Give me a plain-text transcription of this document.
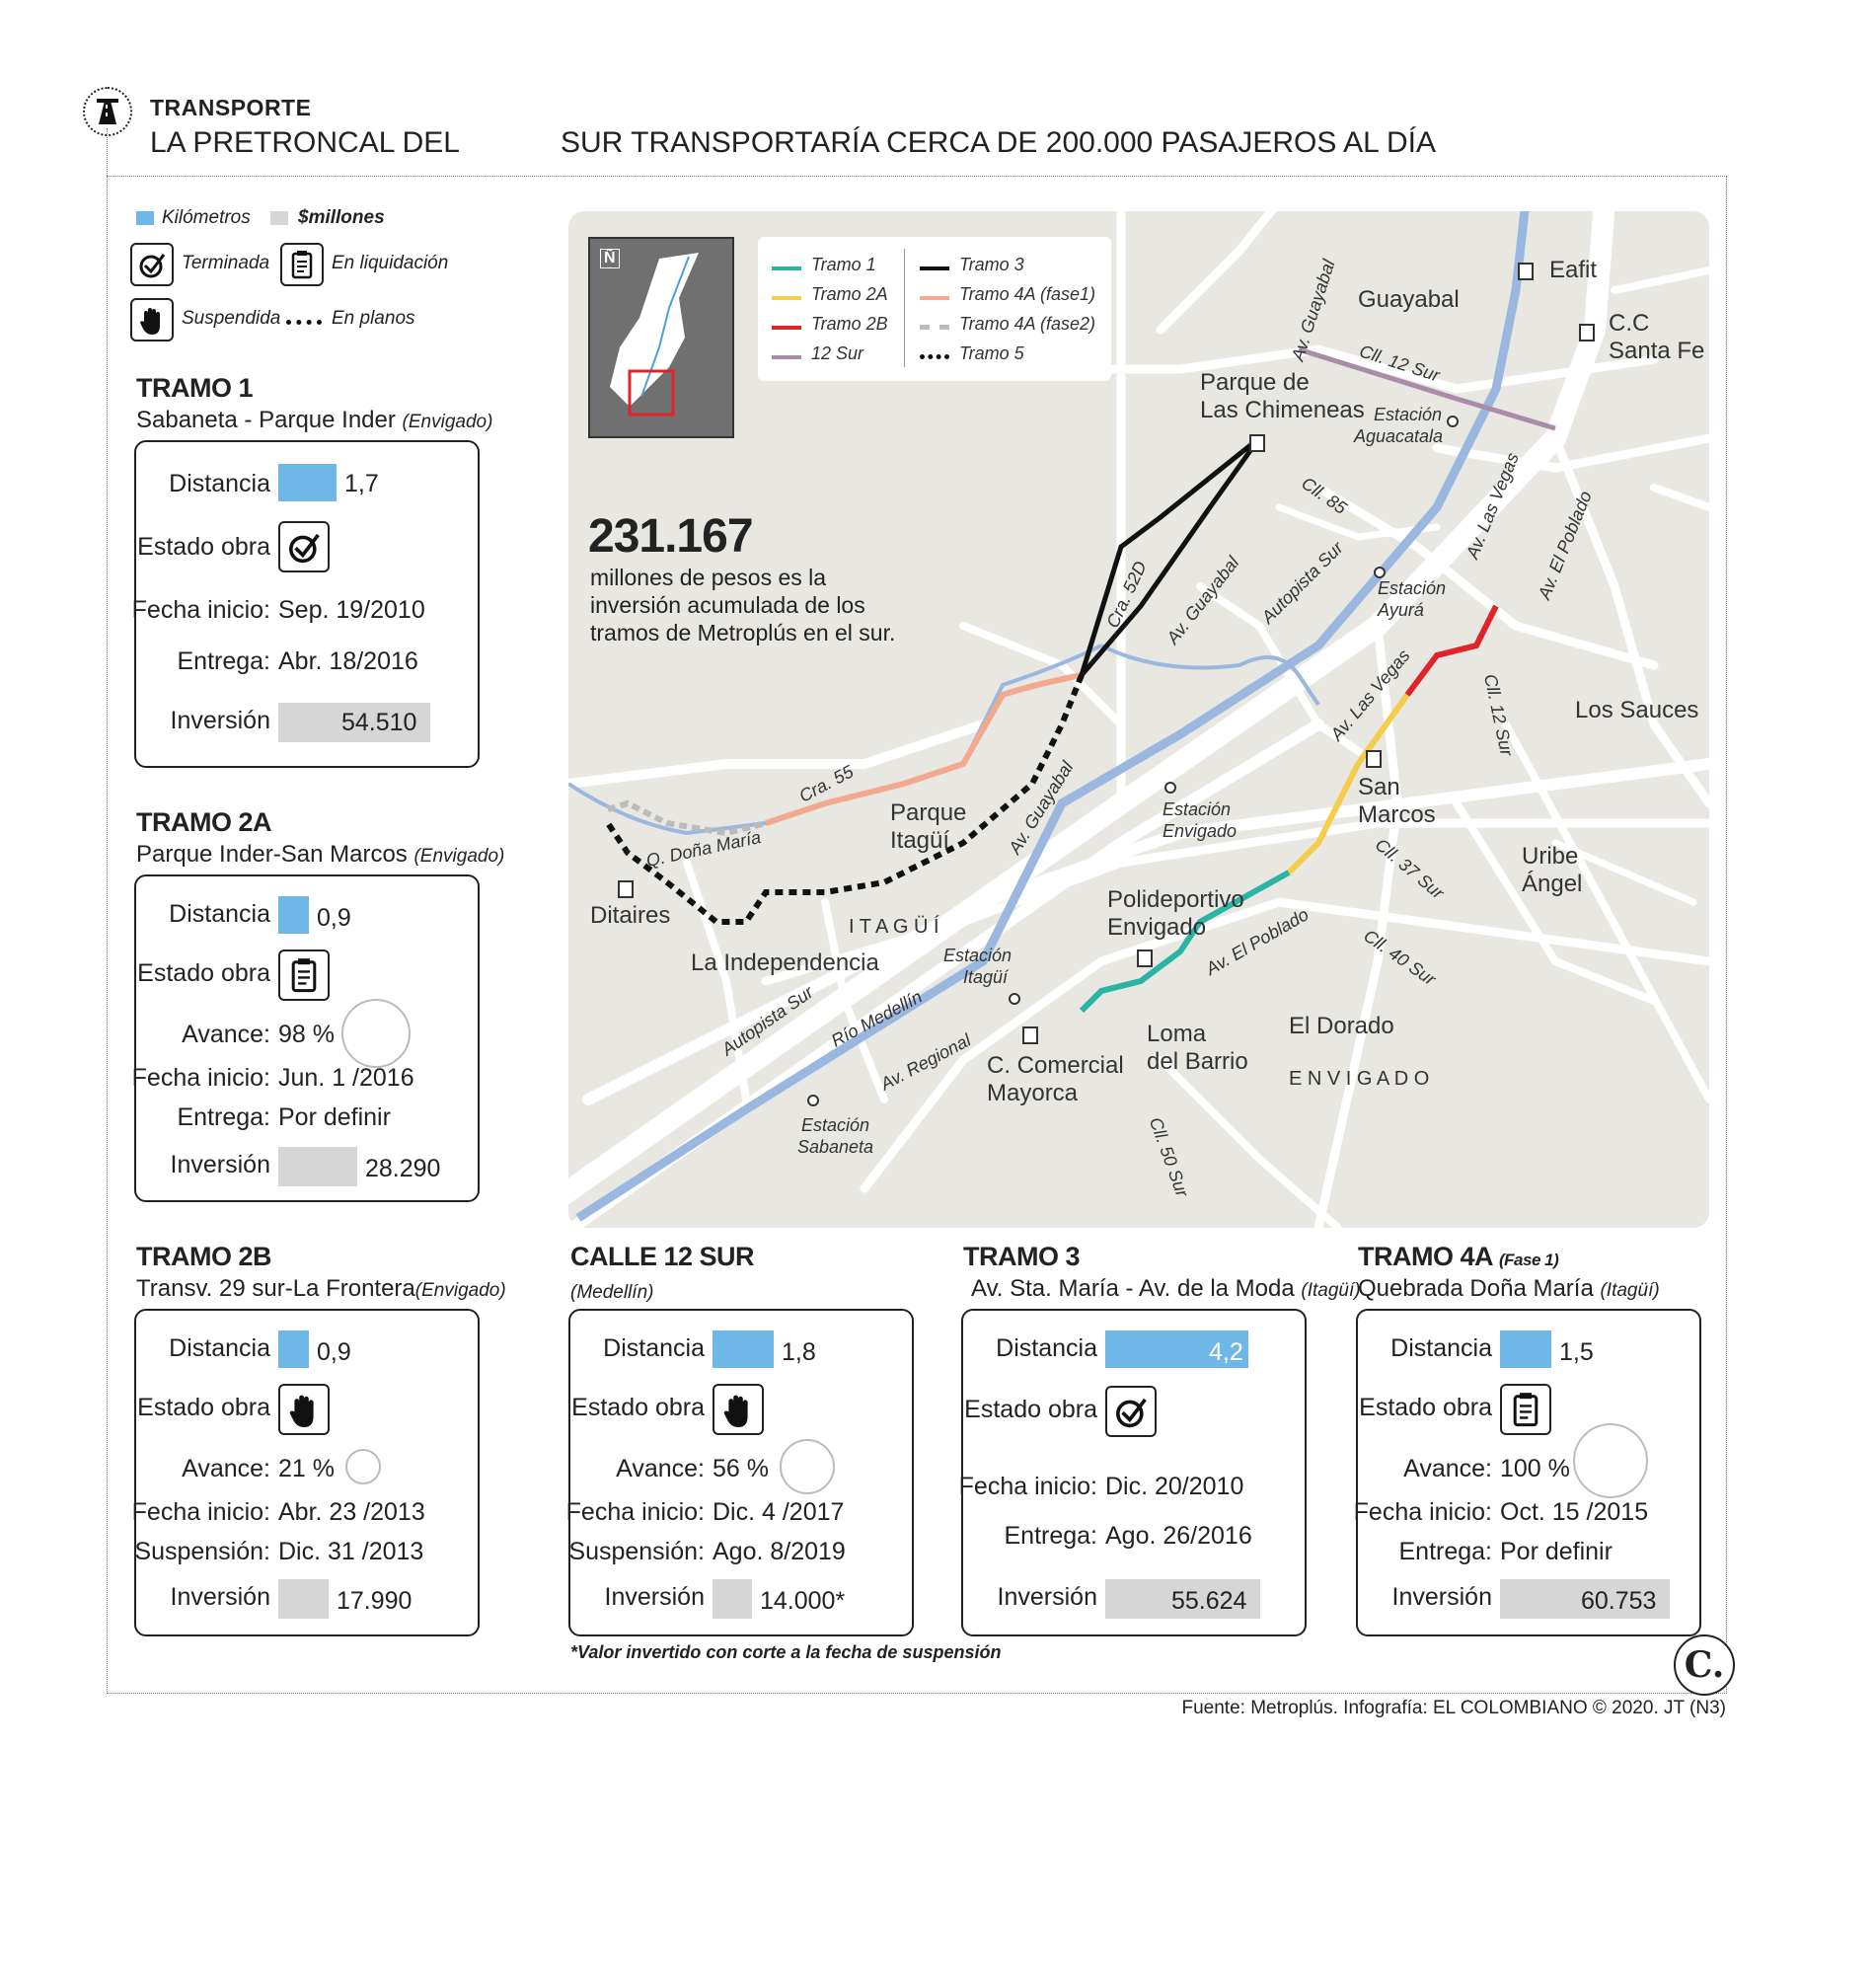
TRANSPORTE
LA PRETRONCAL DEL	SUR TRANSPORTARÍA CERCA DE 200.000 PASAJEROS AL DÍA
Kilómetros	$millones
Terminada	En liquidación
Suspendida	En planos
TRAMO 1
Sabaneta - Parque Inder (Envigado)
Distancia	1,7
Estado obra
Fecha inicio: Sep. 19/2010
Entrega: Abr. 18/2016
Inversión	54.510
TRAMO 2A
Parque Inder-San Marcos (Envigado)
Distancia 0,9
Estado obra
Avance: 98 %
Fecha inicio: Jun. 1 /2016
Entrega: Por definir
Inversión	28.290
TRAMO 2B
Transv. 29 sur-La Frontera(Envigado)
Distancia 0,9
Estado obra
Avance: 21 %
Fecha inicio: Abr. 23 /2013
Suspensión: Dic. 31 /2013
Inversión	17.990
CALLE 12 SUR
(Medellín)
Distancia	1,8
Estado obra
Avance: 56 %
Fecha inicio: Dic. 4 /2017
Suspensión: Ago. 8/2019
Inversión 14.000*
TRAMO 3
Av. Sta. María - Av. de la Moda (Itagüí)
Distancia	4,2
Estado obra
Fecha inicio: Dic. 20/2010
Entrega: Ago. 26/2016
Inversión	55.624
TRAMO 4A (Fase 1)
Quebrada Doña María (Itagüí)
Distancia	1,5
Estado obra
Avance: 100 %
Fecha inicio: Oct. 15 /2015
Entrega: Por definir
Inversión	60.753
*Valor invertido con corte a la fecha de suspensión	C.
Fuente: Metroplús. Infografía: EL COLOMBIANO © 2020. JT (N3)
Ñ	Tramo 1
Tramo 2A
Tramo 2B
12 Sur
Tramo 3
Tramo 4A (fase1)
Tramo 4A (fase2)
Tramo 5
231.167
millones de pesos es la
inversión acumulada de los
tramos de Metroplús en el sur.
Guayabal
Eafit
C.C
Santa Fe
Parque de
Las Chimeneas
Parque
Itagüí
Ditaires	I T A G Ü Í
La Independencia
San
Marcos
Los Sauces
Uribe
Ángel
Polideportivo
Envigado
Loma
del Barrio
El Dorado
E N V I G A D O
C. Comercial
Mayorca
Av. Guayabal Cll. 12 Sur
Cll. 85
Cra. 52D Av. Guayabal Autopista Sur
Av. Las Vegas Av. El Poblado
Av. Las Vegas	Cll. 12 Sur
Cra. 55
Q. Doña María	Av. Guayabal
Cll. 37 Sur
Cll. 40 Sur
Av. El Poblado
Autopista Sur Río Medellín
Av. Regional
Cll. 50 Sur
Estación
Aguacatala
Estación
Ayurá
Estación
Envigado
Estación
Itagüí
Estación
Sabaneta
